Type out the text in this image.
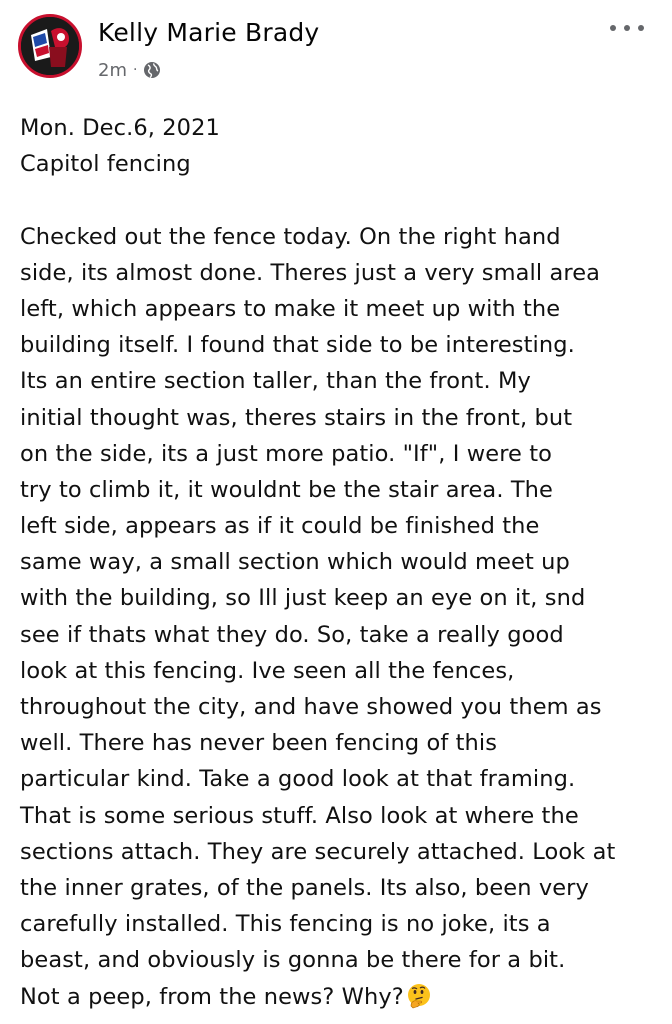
Kelly Marie Brady
2m ·
Mon. Dec.6, 2021
Capitol fencing
Checked out the fence today. On the right hand
side, its almost done. Theres just a very small area
left, which appears to make it meet up with the
building itself. I found that side to be interesting.
Its an entire section taller, than the front. My
initial thought was, theres stairs in the front, but
on the side, its a just more patio. "If", I were to
try to climb it, it wouldnt be the stair area. The
left side, appears as if it could be finished the
same way, a small section which would meet up
with the building, so Ill just keep an eye on it, snd
see if thats what they do. So, take a really good
look at this fencing. Ive seen all the fences,
throughout the city, and have showed you them as
well. There has never been fencing of this
particular kind. Take a good look at that framing.
That is some serious stuff. Also look at where the
sections attach. They are securely attached. Look at
the inner grates, of the panels. Its also, been very
carefully installed. This fencing is no joke, its a
beast, and obviously is gonna be there for a bit.
Not a peep, from the news? Why?
